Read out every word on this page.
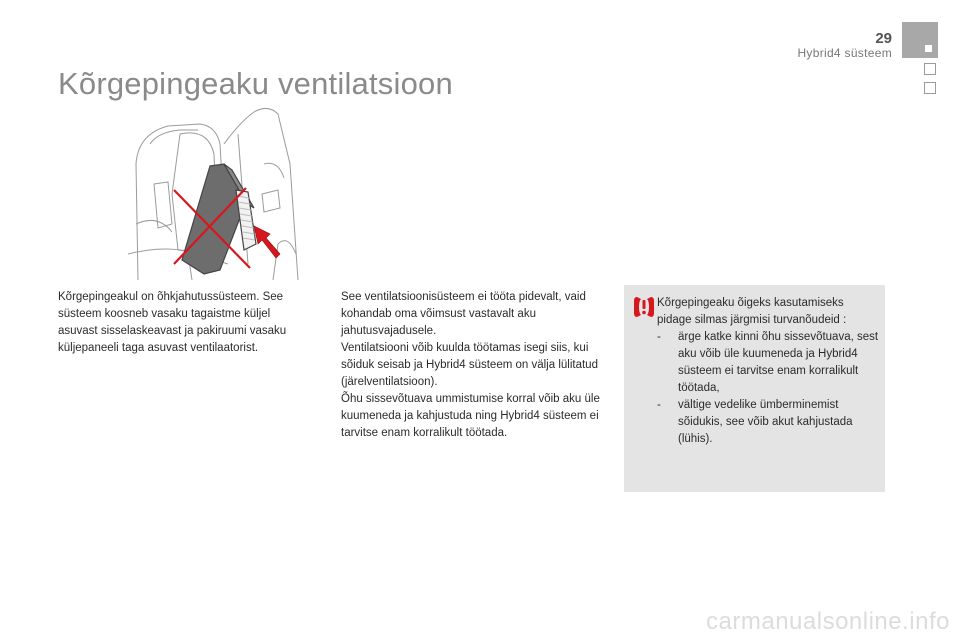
29
Hybrid4 süsteem
Kõrgepingeaku ventilatsioon

Kõrgepingeakul on õhkjahutussüsteem. See süsteem koosneb vasaku tagaistme küljel asuvast sisselaskeavast ja pakiruumi vasaku küljepaneeli taga asuvast ventilaatorist.

See ventilatsioonisüsteem ei tööta pidevalt, vaid kohandab oma võimsust vastavalt aku jahutusvajadusele.

Ventilatsiooni võib kuulda töötamas isegi siis, kui sõiduk seisab ja Hybrid4 süsteem on välja lülitatud (järelventilatsioon).

Õhu sissevõtuava ummistumise korral võib aku üle kuumeneda ja kahjustuda ning Hybrid4 süsteem ei tarvitse enam korralikult töötada.

Kõrgepingeaku õigeks kasutamiseks pidage silmas järgmisi turvanõudeid :

- ärge katke kinni õhu sissevõtuava, sest aku võib üle kuumeneda ja Hybrid4 süsteem ei tarvitse enam korralikult töötada,
- vältige vedelike ümberminemist sõidukis, see võib akut kahjustada (lühis).
carmanualsonline.info
